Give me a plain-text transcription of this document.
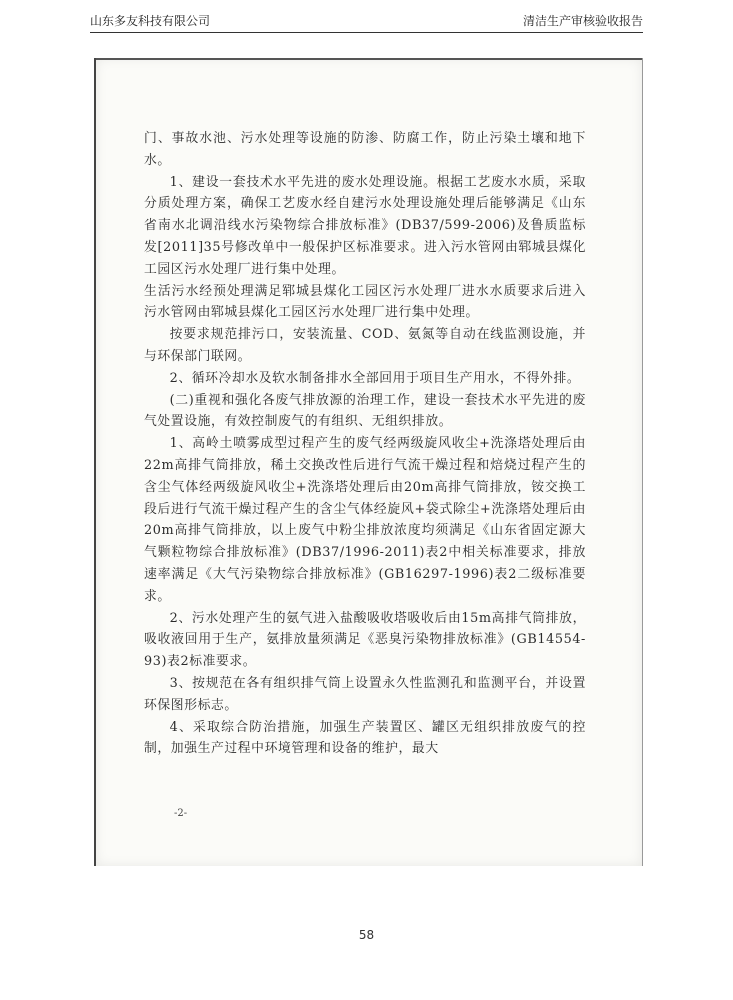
山东多友科技有限公司	清洁生产审核验收报告

门、事故水池、污水处理等设施的防渗、防腐工作，防止污染土壤和地下水。

1、建设一套技术水平先进的废水处理设施。根据工艺废水水质，采取分质处理方案，确保工艺废水经自建污水处理设施处理后能够满足《山东省南水北调沿线水污染物综合排放标准》(DB37/599-2006)及鲁质监标发[2011]35号修改单中一般保护区标准要求。进入污水管网由郓城县煤化工园区污水处理厂进行集中处理。

生活污水经预处理满足郓城县煤化工园区污水处理厂进水水质要求后进入污水管网由郓城县煤化工园区污水处理厂进行集中处理。

按要求规范排污口，安装流量、COD、氨氮等自动在线监测设施，并与环保部门联网。

2、循环冷却水及软水制备排水全部回用于项目生产用水，不得外排。

(二)重视和强化各废气排放源的治理工作，建设一套技术水平先进的废气处置设施，有效控制废气的有组织、无组织排放。

1、高岭土喷雾成型过程产生的废气经两级旋风收尘+洗涤塔处理后由22m高排气筒排放，稀土交换改性后进行气流干燥过程和焙烧过程产生的含尘气体经两级旋风收尘+洗涤塔处理后由20m高排气筒排放，铵交换工段后进行气流干燥过程产生的含尘气体经旋风+袋式除尘+洗涤塔处理后由20m高排气筒排放，以上废气中粉尘排放浓度均须满足《山东省固定源大气颗粒物综合排放标准》(DB37/1996-2011)表2中相关标准要求，排放速率满足《大气污染物综合排放标准》(GB16297-1996)表2二级标准要求。

2、污水处理产生的氨气进入盐酸吸收塔吸收后由15m高排气筒排放，吸收液回用于生产，氨排放量须满足《恶臭污染物排放标准》(GB14554-93)表2标准要求。

3、按规范在各有组织排气筒上设置永久性监测孔和监测平台，并设置环保图形标志。

4、采取综合防治措施，加强生产装置区、罐区无组织排放废气的控制，加强生产过程中环境管理和设备的维护，最大

-2-
58
